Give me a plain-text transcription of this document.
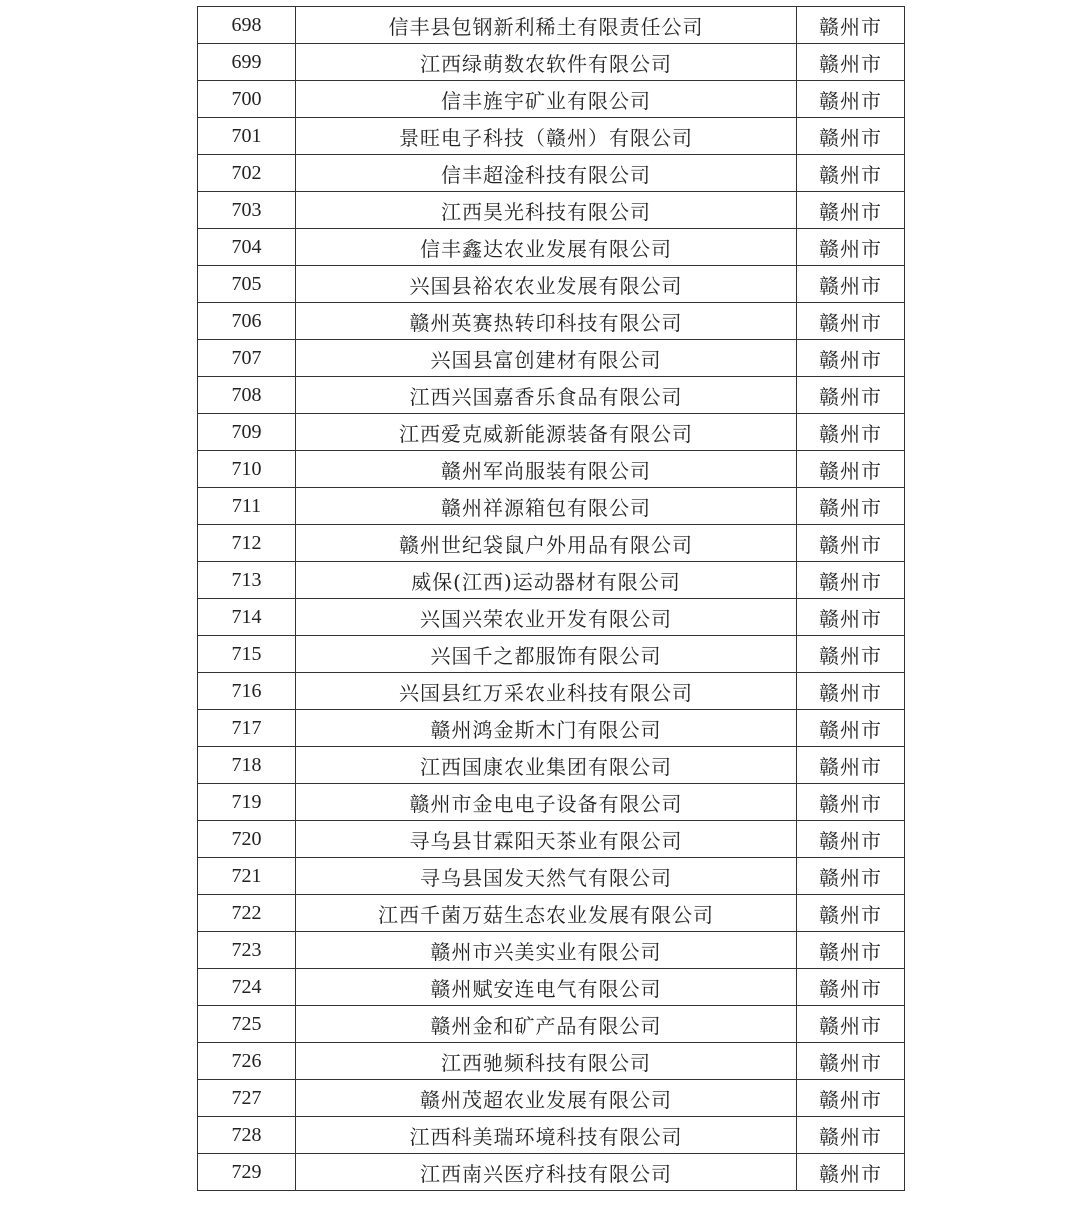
698	信丰县包钢新利稀土有限责任公司	赣州市
699	江西绿萌数农软件有限公司	赣州市
700	信丰旌宇矿业有限公司	赣州市
701	景旺电子科技（赣州）有限公司	赣州市
702	信丰超淦科技有限公司	赣州市
703	江西昊光科技有限公司	赣州市
704	信丰鑫达农业发展有限公司	赣州市
705	兴国县裕农农业发展有限公司	赣州市
706	赣州英赛热转印科技有限公司	赣州市
707	兴国县富创建材有限公司	赣州市
708	江西兴国嘉香乐食品有限公司	赣州市
709	江西爱克威新能源装备有限公司	赣州市
710	赣州军尚服装有限公司	赣州市
711	赣州祥源箱包有限公司	赣州市
712	赣州世纪袋鼠户外用品有限公司	赣州市
713	威保(江西)运动器材有限公司	赣州市
714	兴国兴荣农业开发有限公司	赣州市
715	兴国千之都服饰有限公司	赣州市
716	兴国县红万采农业科技有限公司	赣州市
717	赣州鸿金斯木门有限公司	赣州市
718	江西国康农业集团有限公司	赣州市
719	赣州市金电电子设备有限公司	赣州市
720	寻乌县甘霖阳天茶业有限公司	赣州市
721	寻乌县国发天然气有限公司	赣州市
722	江西千菌万菇生态农业发展有限公司	赣州市
723	赣州市兴美实业有限公司	赣州市
724	赣州赋安连电气有限公司	赣州市
725	赣州金和矿产品有限公司	赣州市
726	江西驰频科技有限公司	赣州市
727	赣州茂超农业发展有限公司	赣州市
728	江西科美瑞环境科技有限公司	赣州市
729	江西南兴医疗科技有限公司	赣州市
